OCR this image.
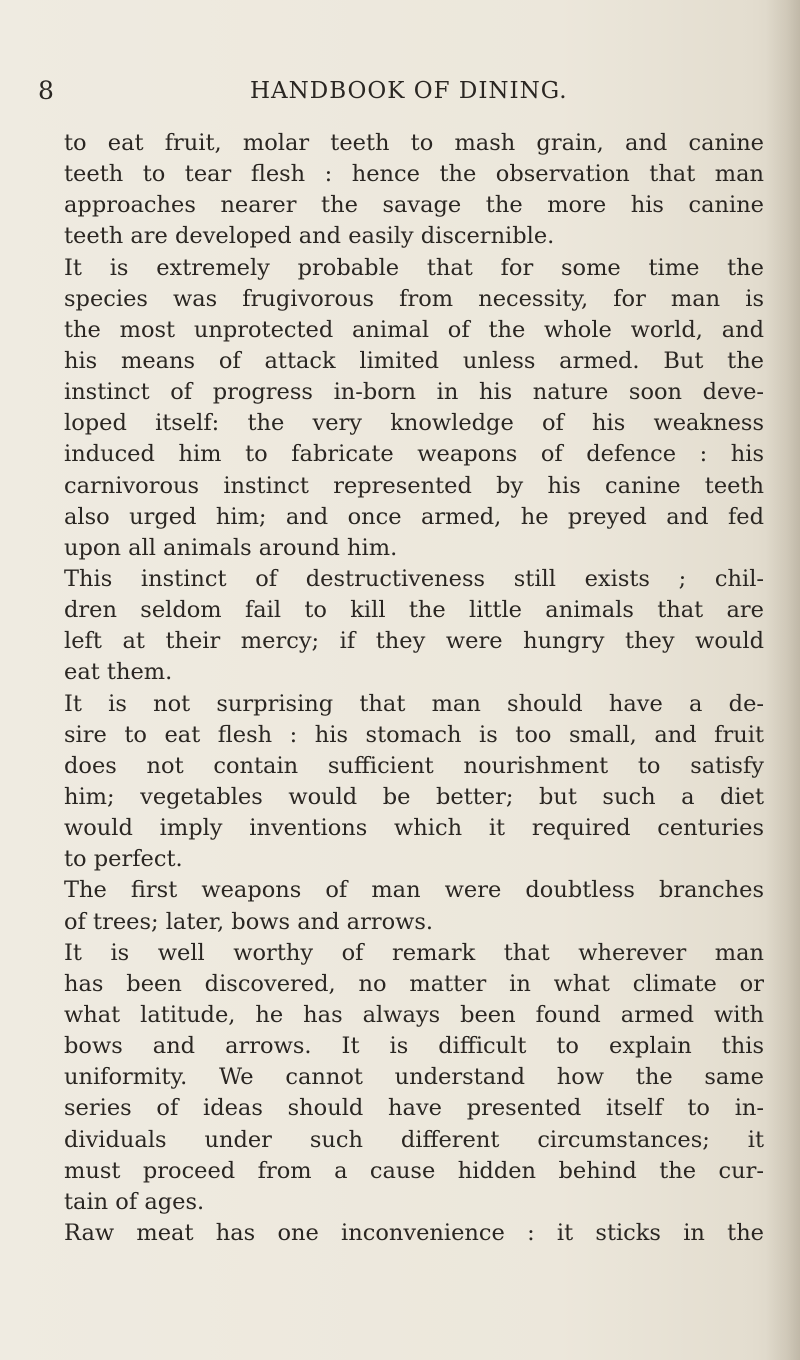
8	HANDBOOK OF DINING.
to eat fruit, molar teeth to mash grain, and canine
teeth to tear flesh : hence the observation that man
approaches nearer the savage the more his canine
teeth are developed and easily discernible.
It is extremely probable that for some time the
species was frugivorous from necessity, for man is
the most unprotected animal of the whole world, and
his means of attack limited unless armed. But the
instinct of progress in-born in his nature soon deve-
loped itself: the very knowledge of his weakness
induced him to fabricate weapons of defence : his
carnivorous instinct represented by his canine teeth
also urged him; and once armed, he preyed and fed
upon all animals around him.
This instinct of destructiveness still exists ; chil-
dren seldom fail to kill the little animals that are
left at their mercy; if they were hungry they would
eat them.
It is not surprising that man should have a de-
sire to eat flesh : his stomach is too small, and fruit
does not contain sufficient nourishment to satisfy
him; vegetables would be better; but such a diet
would imply inventions which it required centuries
to perfect.
The first weapons of man were doubtless branches
of trees; later, bows and arrows.
It is well worthy of remark that wherever man
has been discovered, no matter in what climate or
what latitude, he has always been found armed with
bows and arrows. It is difficult to explain this
uniformity. We cannot understand how the same
series of ideas should have presented itself to in-
dividuals under such different circumstances; it
must proceed from a cause hidden behind the cur-
tain of ages.
Raw meat has one inconvenience : it sticks in the
